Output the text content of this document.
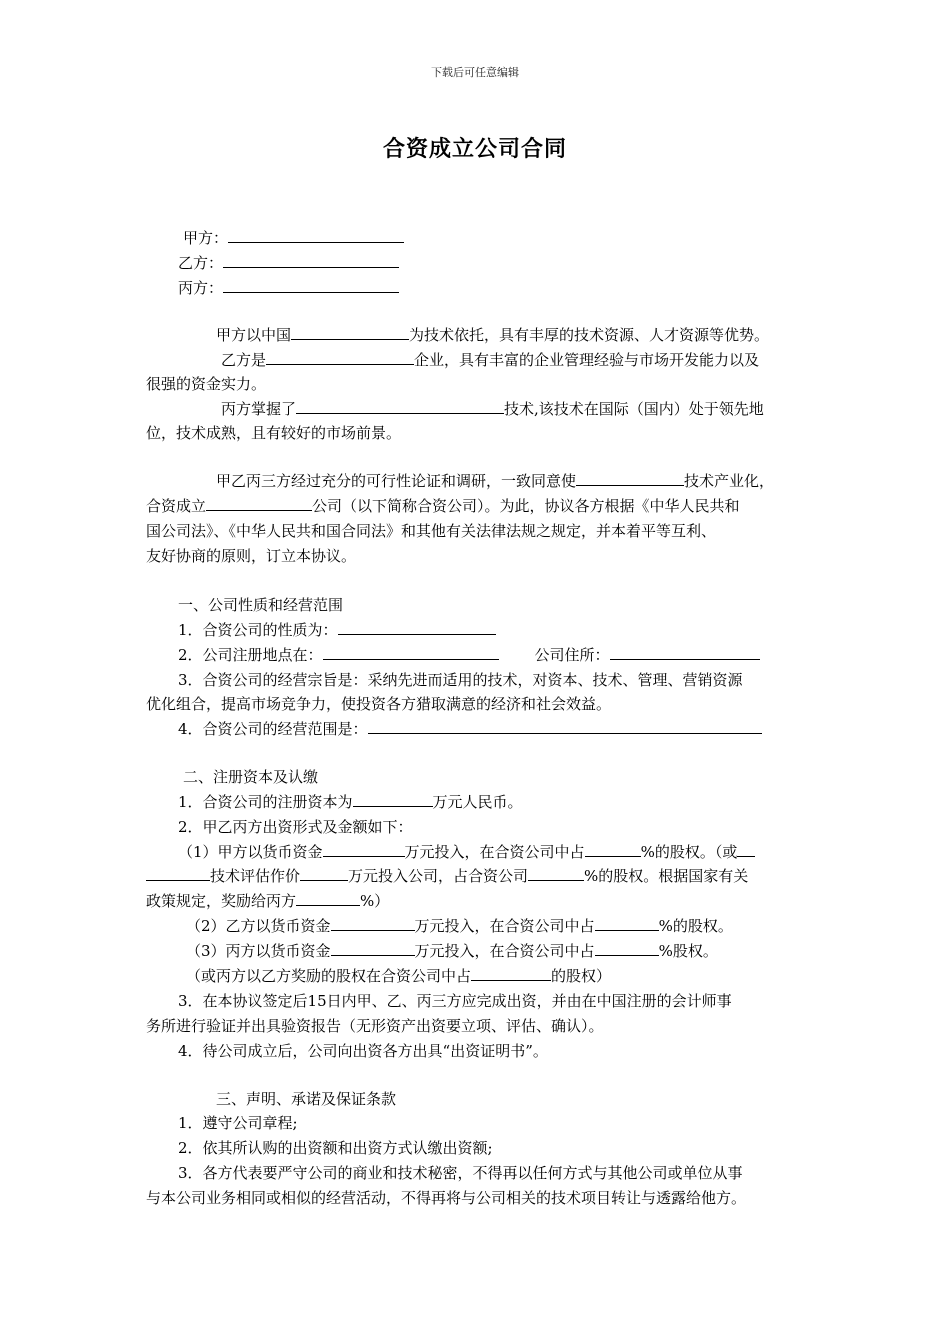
下载后可任意编辑
合资成立公司合同
甲方：
乙方：
丙方：
甲方以中国	为技术依托，具有丰厚的技术资源、人才资源等优势。
乙方是	企业，具有丰富的企业管理经验与市场开发能力以及
很强的资金实力。
丙方掌握了	技术,该技术在国际（国内）处于领先地
位，技术成熟，且有较好的市场前景。
甲乙丙三方经过充分的可行性论证和调研，一致同意使	技术产业化，
合资成立	公司（以下简称合资公司）。为此，协议各方根据《中华人民共和
国公司法》、《中华人民共和国合同法》和其他有关法律法规之规定，并本着平等互利、
友好协商的原则，订立本协议。
一、公司性质和经营范围
1．合资公司的性质为：
2．公司注册地点在：	公司住所：
3．合资公司的经营宗旨是：采纳先进而适用的技术，对资本、技术、管理、营销资源
优化组合，提高市场竞争力，使投资各方猎取满意的经济和社会效益。
4．合资公司的经营范围是：
二、注册资本及认缴
1．合资公司的注册资本为	万元人民币。
2．甲乙丙方出资形式及金额如下：
（1）甲方以货币资金	万元投入，在合资公司中占	%的股权。（或
技术评估作价	万元投入公司，占合资公司	%的股权。根据国家有关
政策规定，奖励给丙方	%）
（2）乙方以货币资金	万元投入，在合资公司中占	%的股权。
（3）丙方以货币资金	万元投入，在合资公司中占	%股权。
（或丙方以乙方奖励的股权在合资公司中占	的股权）
3．在本协议签定后15日内甲、乙、丙三方应完成出资，并由在中国注册的会计师事
务所进行验证并出具验资报告（无形资产出资要立项、评估、确认）。
4．待公司成立后，公司向出资各方出具“出资证明书”。
三、声明、承诺及保证条款
1．遵守公司章程;
2．依其所认购的出资额和出资方式认缴出资额;
3．各方代表要严守公司的商业和技术秘密，不得再以任何方式与其他公司或单位从事
与本公司业务相同或相似的经营活动，不得再将与公司相关的技术项目转让与透露给他方。
